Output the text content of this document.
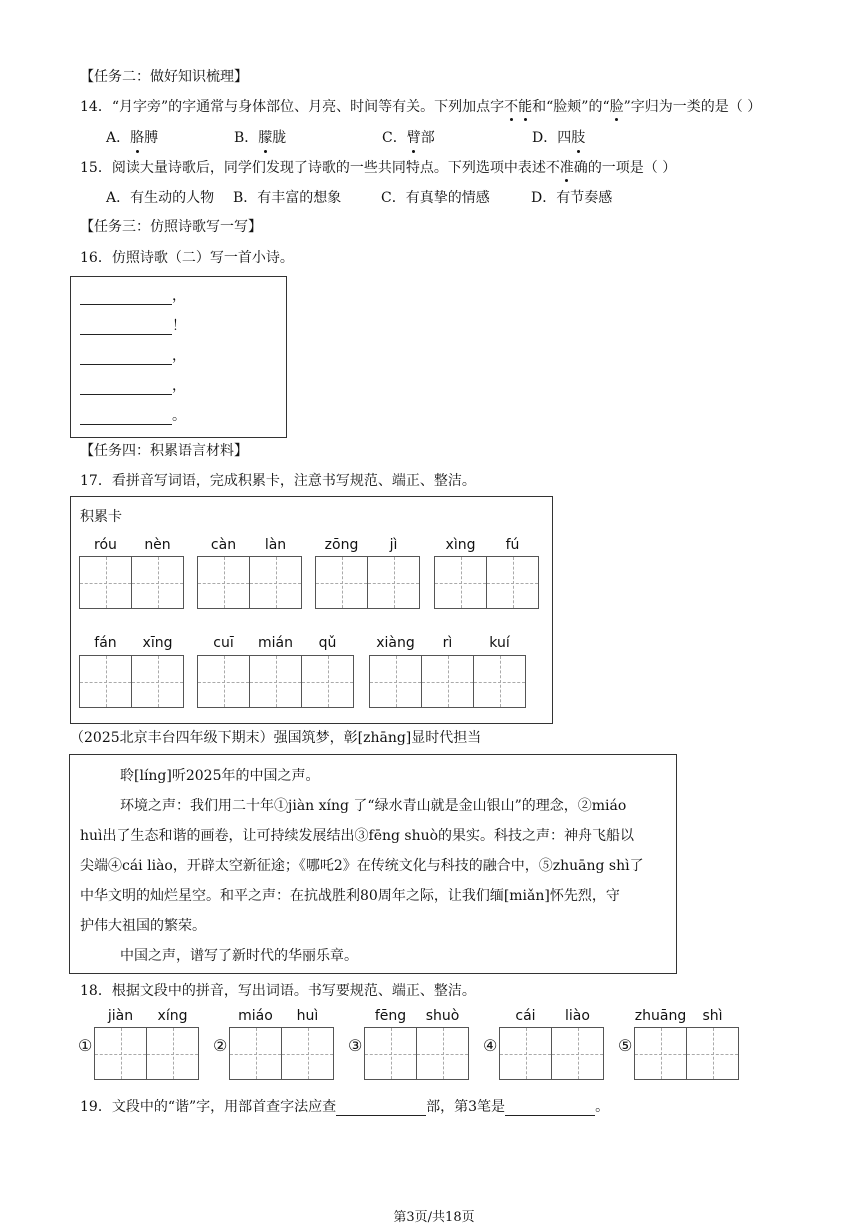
【任务二：做好知识梳理】
14．“月字旁”的字通常与身体部位、月亮、时间等有关。下列加点字不能和“脸颊”的“脸”字归为一类的是（ ）
A．胳膊	B．朦胧	C．臂部	D．四肢
15．阅读大量诗歌后，同学们发现了诗歌的一些共同特点。下列选项中表述不准确的一项是（ ）
A．有生动的人物 B．有丰富的想象	C．有真挚的情感	D．有节奏感
【任务三：仿照诗歌写一写】
16．仿照诗歌（二）写一首小诗。
，
！
，
，
。
【任务四：积累语言材料】
17．看拼音写词语，完成积累卡，注意书写规范、端正、整洁。
积累卡
róu	nèn	càn	làn	zōng	jì	xìng	fú
fán	xīng	cuī	mián	qǔ	xiàng	rì	kuí
（2025北京丰台四年级下期末）强国筑梦，彰[zhāng]显时代担当
聆[líng]听2025年的中国之声。
环境之声：我们用二十年①jiàn xíng 了“绿水青山就是金山银山”的理念，②miáo
huì出了生态和谐的画卷，让可持续发展结出③fēng shuò的果实。科技之声：神舟飞船以
尖端④cái liào，开辟太空新征途；《哪吒2》在传统文化与科技的融合中，⑤zhuāng shì了
中华文明的灿烂星空。和平之声：在抗战胜利80周年之际，让我们缅[miǎn]怀先烈，守
护伟大祖国的繁荣。
中国之声，谱写了新时代的华丽乐章。
18．根据文段中的拼音，写出词语。书写要规范、端正、整洁。
①
jiàn	xíng
②
miáo	huì
③
fēng	shuò
④
cái	liào
⑤
zhuāng	shì
19．文段中的“谐”字，用部首查字法应查	部，第3笔是	。
第3页/共18页
